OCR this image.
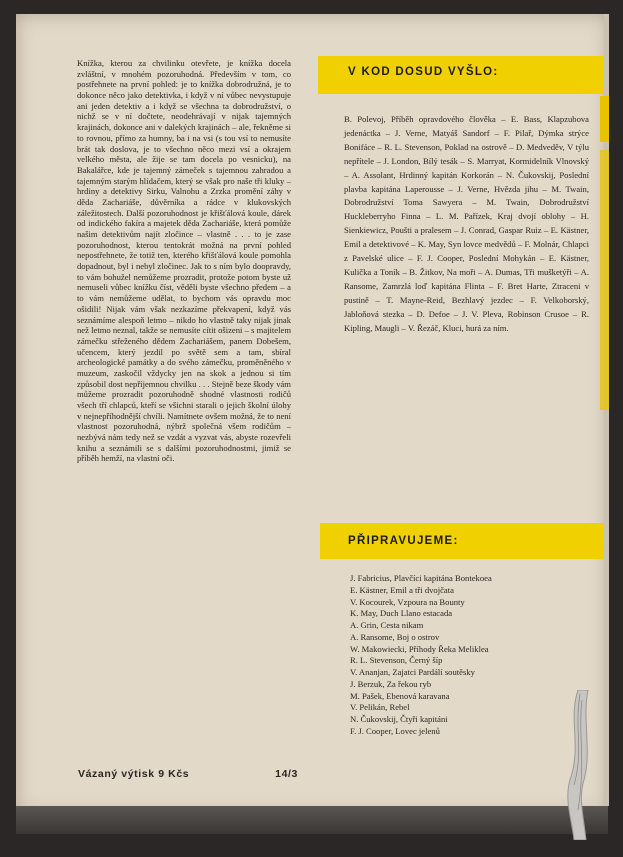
Knížka, kterou za chvilinku otevřete, je knížka docela zvláštní, v mnohém pozoruhodná. Především v tom, co postřehnete na první pohled: je to knížka dobrodružná, je to dokonce něco jako detektivka, i když v ní vůbec nevystupuje ani jeden detektiv a i když se všechna ta dobrodružství, o nichž se v ní dočtete, neodehrávají v nijak tajemných krajinách, dokonce ani v dalekých krajinách – ale, řekněme si to rovnou, přímo za humny, ba i na vsi (s tou vsí to nemusíte brát tak doslova, je to všechno něco mezi vsí a okrajem velkého města, ale žije se tam docela po vesnicku), na Bakalářce, kde je tajemný zámeček s tajemnou zahradou a tajemným starým hlídačem, který se však pro naše tři kluky – hrdiny a detektivy Sirku, Valnohu a Zrzka promění záhy v děda Zachariáše, důvěrníka a rádce v klukovských záležitostech. Další pozoruhodnost je křišťálová koule, dárek od indického fakíra a majetek děda Zachariáše, která pomůže našim detektivům najít zločince – vlastně . . . to je zase pozoruhodnost, kterou tentokrát možná na první pohled nepostřehnete, že totiž ten, kterého křišťálová koule pomohla dopadnout, byl i nebyl zločinec. Jak to s ním bylo doopravdy, to vám bohužel nemůžeme prozradit, protože potom byste už nemuseli vůbec knížku číst, věděli byste všechno předem – a to vám nemůžeme udělat, to bychom vás opravdu moc ošidili! Nijak vám však nezkazíme překvapení, když vás seznámíme alespoň letmo – nikdo ho vlastně taky nijak jinak než letmo neznal, takže se nemusíte cítit ošizeni – s majitelem zámečku střeženého dědem Zachariášem, panem Dobešem, učencem, který jezdil po světě sem a tam, sbíral archeologické památky a do svého zámečku, proměněného v muzeum, zaskočil vždycky jen na skok a jednou si tím způsobil dost nepříjemnou chvilku . . . Stejně beze škody vám můžeme prozradit pozoruhodně shodné vlastnosti rodičů všech tří chlapců, kteří se všichni starali o jejich školní úlohy v nejnepříhodnější chvíli. Namítnete ovšem možná, že to není vlastnost pozoruhodná, nýbrž společná všem rodičům – nezbývá nám tedy než se vzdát a vyzvat vás, abyste rozevřeli knihu a seznámili se s dalšími pozoruhodnostmi, jimiž se příběh hemží, na vlastní oči.

Vázaný výtisk 9 Kčs	14/3
V KOD DOSUD VYŠLO:
B. Polevoj, Příběh opravdového člověka – E. Bass, Klapzubova jedenáctka – J. Verne, Matyáš Sandorf – F. Pilař, Dýmka strýce Bonifáce – R. L. Stevenson, Poklad na ostrově – D. Medveděv, V týlu nepřítele – J. London, Bílý tesák – S. Marryat, Kormidelník Vlnovský – A. Assolant, Hrdinný kapitán Korkorán – N. Čukovskij, Poslední plavba kapitána Laperousse – J. Verne, Hvězda jihu – M. Twain, Dobrodružství Toma Sawyera – M. Twain, Dobrodružství Huckleberryho Finna – L. M. Pařízek, Kraj dvojí oblohy – H. Sienkiewicz, Poušti a pralesem – J. Conrad, Gaspar Ruiz – E. Kästner, Emil a detektivové – K. May, Syn lovce medvědů – F. Molnár, Chlapci z Pavelské ulice – F. J. Cooper, Poslední Mohykán – E. Kästner, Kulička a Toník – B. Žitkov, Na moři – A. Dumas, Tři mušketýři – A. Ransome, Zamrzlá loď kapitána Flinta – F. Bret Harte, Ztraceni v pustině – T. Mayne-Reid, Bezhlavý jezdec – F. Velkoborský, Jabloňová stezka – D. Defoe – J. V. Pleva, Robinson Crusoe – R. Kipling, Maugli – V. Řezáč, Kluci, hurá za ním.
PŘIPRAVUJEME:
J. Fabricius, Plavčíci kapitána Bontekoea
E. Kästner, Emil a tři dvojčata
V. Kocourek, Vzpoura na Bounty
K. May, Duch Llano estacada
A. Grin, Cesta nikam
A. Ransome, Boj o ostrov
W. Makowiecki, Příhody Řeka Meliklea
R. L. Stevenson, Černý šíp
V. Ananjan, Zajatci Pardálí soutěsky
J. Berzuk, Za řekou ryb
M. Pašek, Ebenová karavana
V. Pelikán, Rebel
N. Čukovskij, Čtyři kapitáni
F. J. Cooper, Lovec jelenů
